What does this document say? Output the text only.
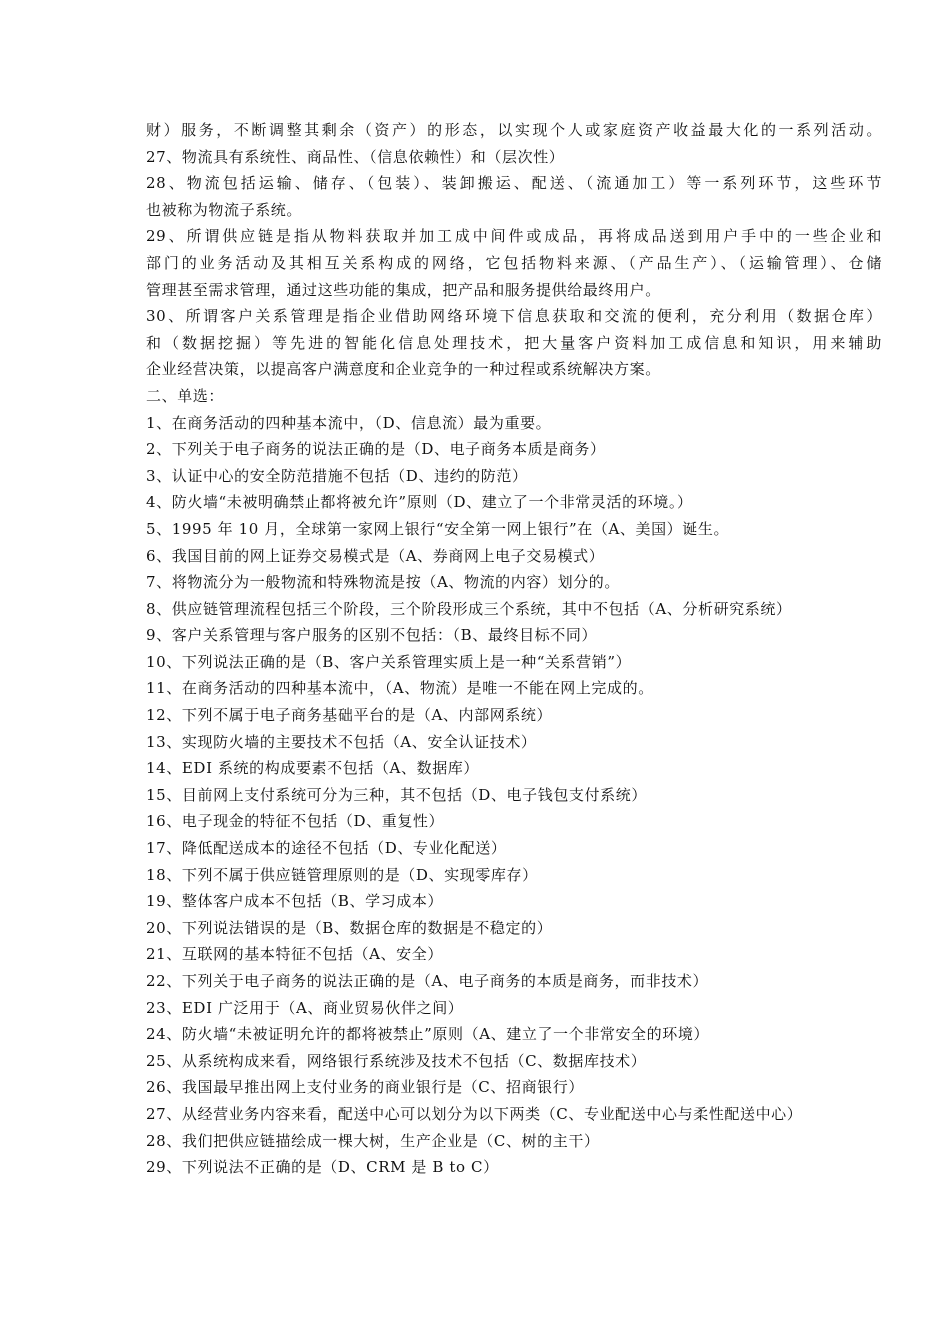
财）服务，不断调整其剩余（资产）的形态，以实现个人或家庭资产收益最大化的一系列活动。
27、物流具有系统性、商品性、（信息依赖性）和（层次性）
28、物流包括运输、储存、（包装）、装卸搬运、配送、（流通加工）等一系列环节，这些环节
也被称为物流子系统。
29、所谓供应链是指从物料获取并加工成中间件或成品，再将成品送到用户手中的一些企业和
部门的业务活动及其相互关系构成的网络，它包括物料来源、（产品生产）、（运输管理）、仓储
管理甚至需求管理，通过这些功能的集成，把产品和服务提供给最终用户。
30、所谓客户关系管理是指企业借助网络环境下信息获取和交流的便利，充分利用（数据仓库）
和（数据挖掘）等先进的智能化信息处理技术，把大量客户资料加工成信息和知识，用来辅助
企业经营决策，以提高客户满意度和企业竞争的一种过程或系统解决方案。
二、单选：
1、在商务活动的四种基本流中，（D、信息流）最为重要。
2、下列关于电子商务的说法正确的是（D、电子商务本质是商务）
3、认证中心的安全防范措施不包括（D、违约的防范）
4、防火墙“未被明确禁止都将被允许”原则（D、建立了一个非常灵活的环境。）
5、1995 年 10 月，全球第一家网上银行“安全第一网上银行”在（A、美国）诞生。
6、我国目前的网上证券交易模式是（A、券商网上电子交易模式）
7、将物流分为一般物流和特殊物流是按（A、物流的内容）划分的。
8、供应链管理流程包括三个阶段，三个阶段形成三个系统，其中不包括（A、分析研究系统）
9、客户关系管理与客户服务的区别不包括：（B、最终目标不同）
10、下列说法正确的是（B、客户关系管理实质上是一种“关系营销”）
11、在商务活动的四种基本流中，（A、物流）是唯一不能在网上完成的。
12、下列不属于电子商务基础平台的是（A、内部网系统）
13、实现防火墙的主要技术不包括（A、安全认证技术）
14、EDI 系统的构成要素不包括（A、数据库）
15、目前网上支付系统可分为三种，其不包括（D、电子钱包支付系统）
16、电子现金的特征不包括（D、重复性）
17、降低配送成本的途径不包括（D、专业化配送）
18、下列不属于供应链管理原则的是（D、实现零库存）
19、整体客户成本不包括（B、学习成本）
20、下列说法错误的是（B、数据仓库的数据是不稳定的）
21、互联网的基本特征不包括（A、安全）
22、下列关于电子商务的说法正确的是（A、电子商务的本质是商务，而非技术）
23、EDI 广泛用于（A、商业贸易伙伴之间）
24、防火墙“未被证明允许的都将被禁止”原则（A、建立了一个非常安全的环境）
25、从系统构成来看，网络银行系统涉及技术不包括（C、数据库技术）
26、我国最早推出网上支付业务的商业银行是（C、招商银行）
27、从经营业务内容来看，配送中心可以划分为以下两类（C、专业配送中心与柔性配送中心）
28、我们把供应链描绘成一棵大树，生产企业是（C、树的主干）
29、下列说法不正确的是（D、CRM 是 B to C）
